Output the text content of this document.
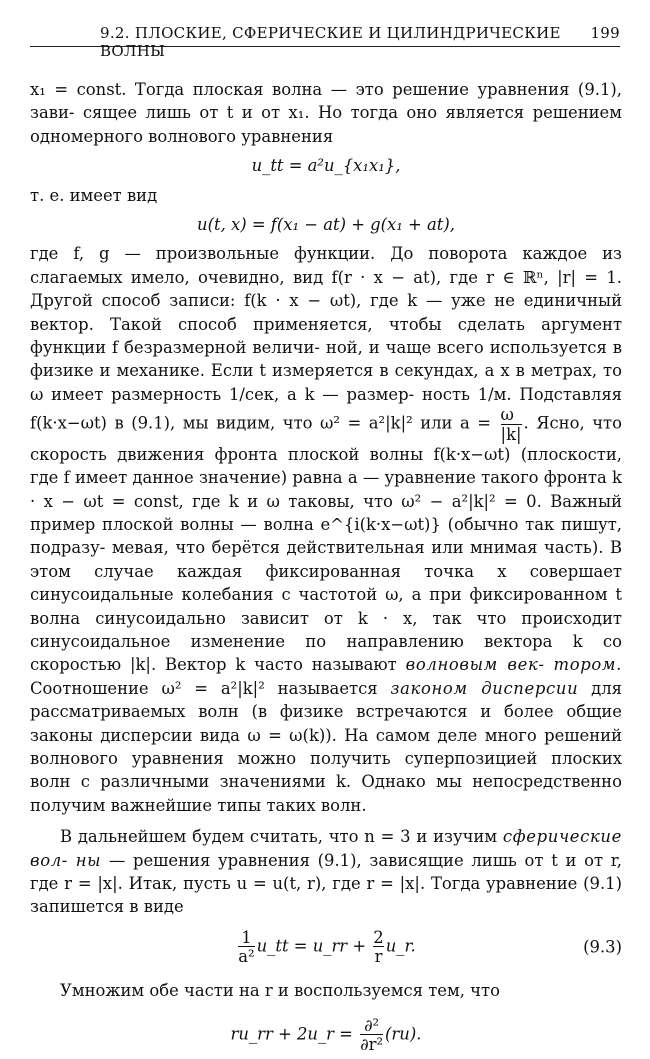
9.2. ПЛОСКИЕ, СФЕРИЧЕСКИЕ И ЦИЛИНДРИЧЕСКИЕ ВОЛНЫ
199

x₁ = const. Тогда плоская волна — это решение уравнения (9.1), зави- сящее лишь от t и от x₁. Но тогда оно является решением одномерного волнового уравнения

u_tt = a²u_{x₁x₁},

т. е. имеет вид

u(t, x) = f(x₁ − at) + g(x₁ + at),

где f, g — произвольные функции. До поворота каждое из слагаемых имело, очевидно, вид f(r · x − at), где r ∈ ℝⁿ, |r| = 1. Другой способ записи: f(k · x − ωt), где k — уже не единичный вектор. Такой способ применяется, чтобы сделать аргумент функции f безразмерной величи- ной, и чаще всего используется в физике и механике. Если t измеряется в секундах, а x в метрах, то ω имеет размерность 1/сек, а k — размер- ность 1/м. Подставляя f(k·x−ωt) в (9.1), мы видим, что ω² = a²|k|² или $a = \frac{\omega}{|k|}$ . Ясно, что скорость движения фронта плоской волны f(k·x−ωt) (плоскости, где f имеет данное значение) равна a — уравнение такого фронта k · x − ωt = const, где k и ω таковы, что ω² − a²|k|² = 0. Важный пример плоской волны — волна e^{i(k·x−ωt)} (обычно так пишут, подразу- мевая, что берётся действительная или мнимая часть). В этом случае каждая фиксированная точка x совершает синусоидальные колебания с частотой ω, а при фиксированном t волна синусоидально зависит от k · x, так что происходит синусоидальное изменение по направлению вектора k со скоростью |k|. Вектор k часто называют волновым век- тором. Соотношение ω² = a²|k|² называется законом дисперсии для рассматриваемых волн (в физике встречаются и более общие законы дисперсии вида ω = ω(k)). На самом деле много решений волнового уравнения можно получить суперпозицией плоских волн с различными значениями k. Однако мы непосредственно получим важнейшие типы таких волн.

В дальнейшем будем считать, что n = 3 и изучим сферические вол- ны — решения уравнения (9.1), зависящие лишь от t и от r, где r = |x|. Итак, пусть u = u(t, r), где r = |x|. Тогда уравнение (9.1) запишется в виде

$\frac{1}{\text{a²}}$ u_tt = u_rr + $\frac{2}{r}$ u_r.	(9.3)

Умножим обе части на r и воспользуемся тем, что

ru_rr + 2u_r = $\frac{\text{∂²}}{\text{∂r²}} (ru)$.
